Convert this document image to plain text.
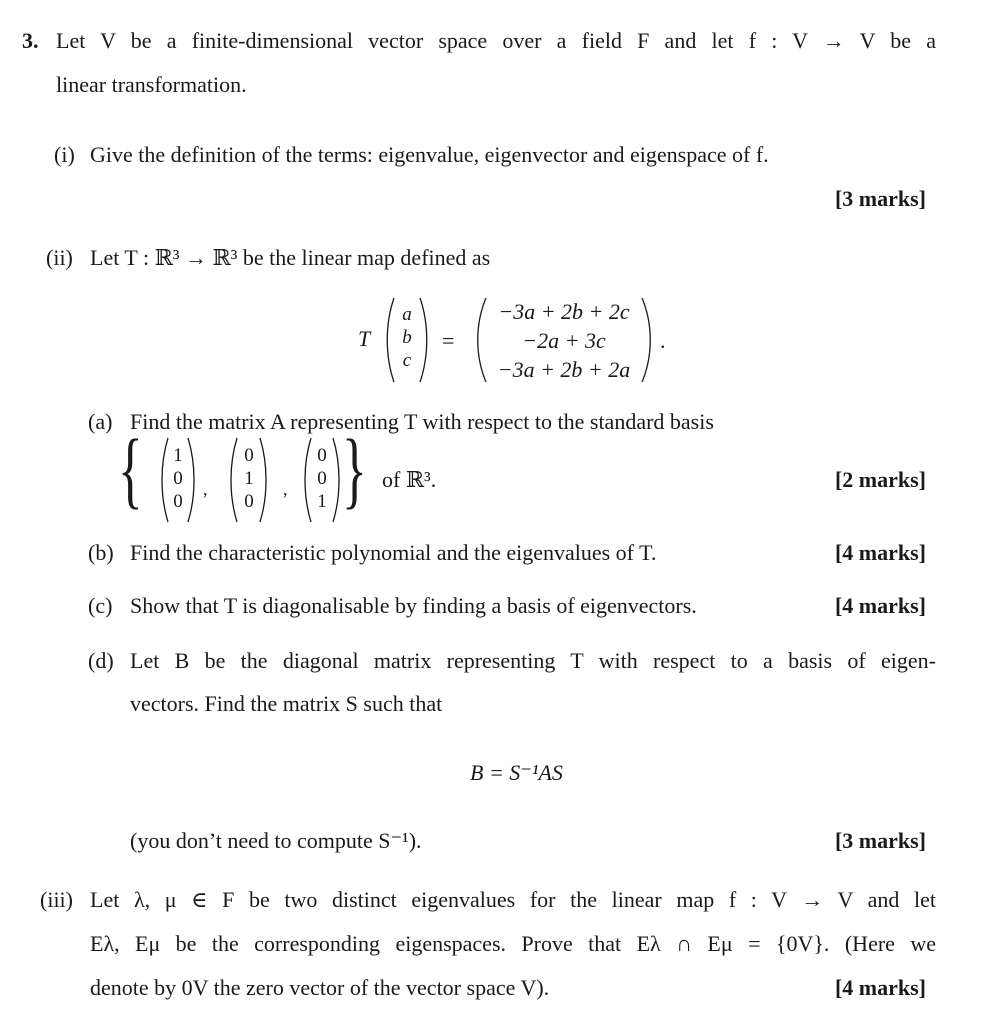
3. Let V be a finite-dimensional vector space over a field F and let f : V → V be a
linear transformation.
(i) Give the definition of the terms: eigenvalue, eigenvector and eigenspace of f.
[3 marks]
(ii) Let T : ℝ³ → ℝ³ be the linear map defined as
T
a
b
c
=
−3a + 2b + 2c
−2a + 3c
−3a + 2b + 2a
.
(a) Find the matrix A representing T with respect to the standard basis
{ 1
0
0
,
0
1
0
,
0
0
1 } of ℝ³.	[2 marks]
(b) Find the characteristic polynomial and the eigenvalues of T.	[4 marks]
(c) Show that T is diagonalisable by finding a basis of eigenvectors.	[4 marks]
(d) Let B be the diagonal matrix representing T with respect to a basis of eigen-
vectors. Find the matrix S such that
B = S⁻¹AS
(you don’t need to compute S⁻¹).	[3 marks]
(iii) Let λ, μ ∈ F be two distinct eigenvalues for the linear map f : V → V and let
Eλ, Eμ be the corresponding eigenspaces. Prove that Eλ ∩ Eμ = {0V}. (Here we
denote by 0V the zero vector of the vector space V).	[4 marks]
